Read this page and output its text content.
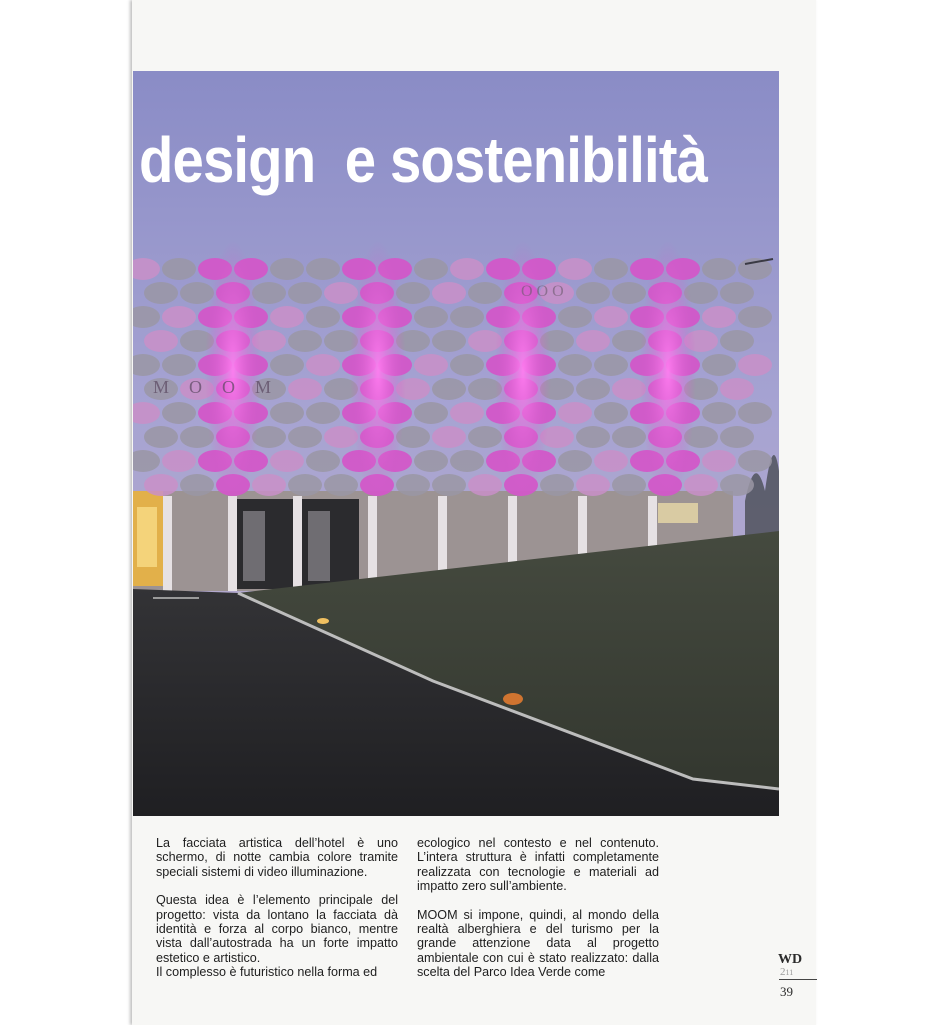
MOOM
O O O
design  e sostenibilità

La facciata artistica dell’hotel è uno schermo, di notte cambia colore tramite speciali sistemi di video illuminazione.

Questa idea è l’elemento principale del progetto: vista da lontano la facciata dà identità e forza al corpo bianco, mentre vista dall’autostrada ha un forte impatto estetico e artistico.

Il complesso è futuristico nella forma ed

ecologico nel contesto e nel contenuto. L’intera struttura è infatti completamente realizzata con tecnologie e materiali ad impatto zero sull’ambiente.

MOOM si impone, quindi, al mondo della realtà alberghiera e del turismo per la grande attenzione data al progetto ambientale con cui è stato realizzato: dalla scelta del Parco Idea Verde come

WD
211
39
